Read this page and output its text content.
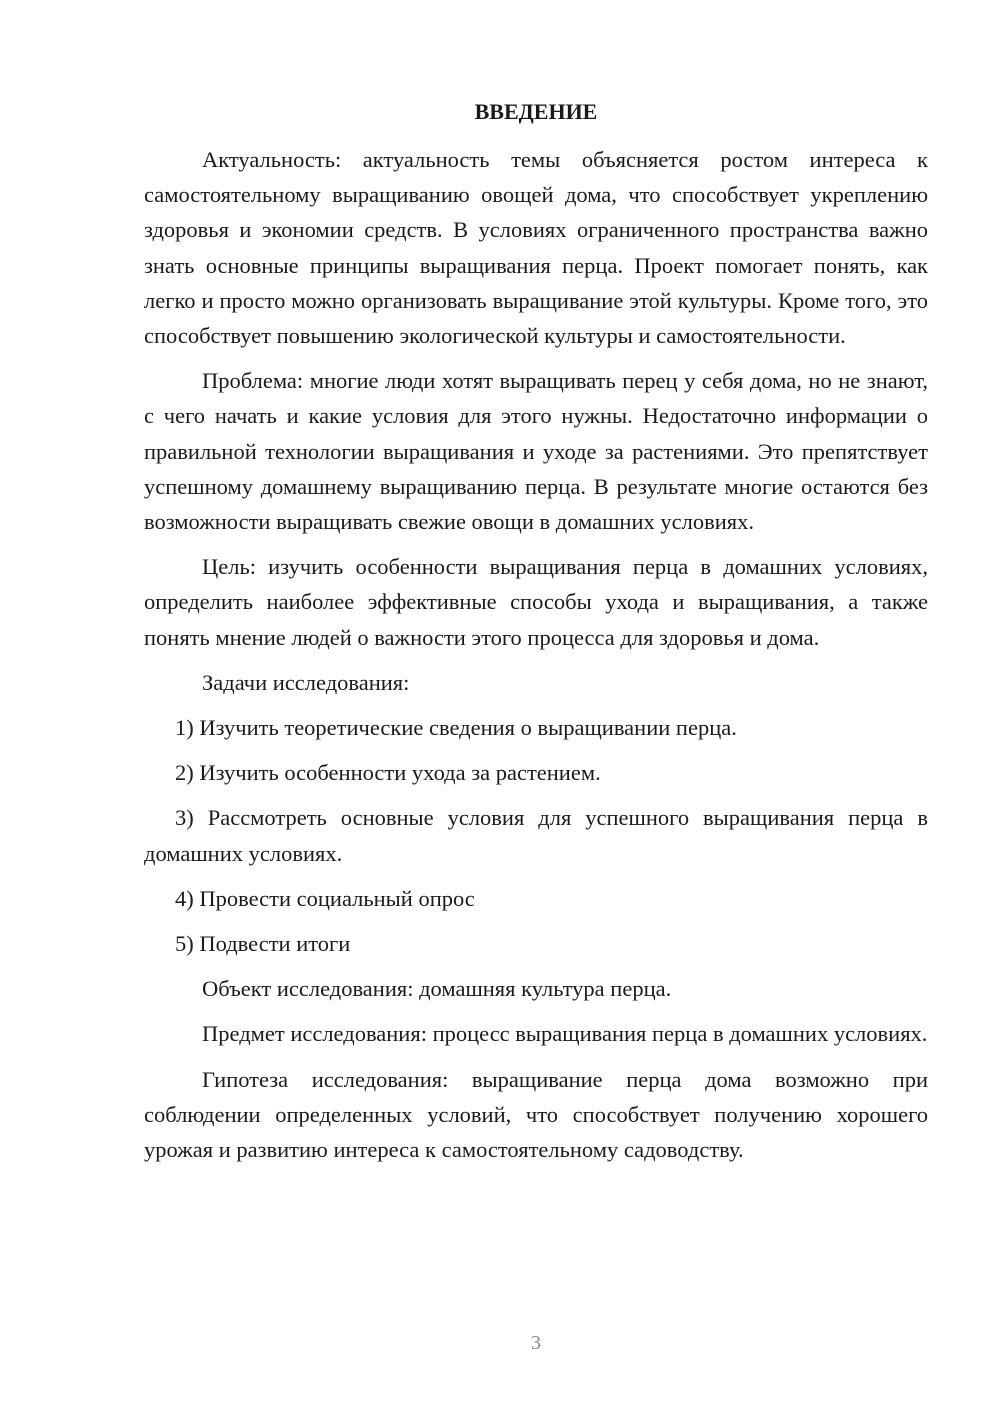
ВВЕДЕНИЕ

Актуальность: актуальность темы объясняется ростом интереса к самостоятельному выращиванию овощей дома, что способствует укреплению здоровья и экономии средств. В условиях ограниченного пространства важно знать основные принципы выращивания перца. Проект помогает понять, как легко и просто можно организовать выращивание этой культуры. Кроме того, это способствует повышению экологической культуры и самостоятельности.

Проблема: многие люди хотят выращивать перец у себя дома, но не знают, с чего начать и какие условия для этого нужны. Недостаточно информации о правильной технологии выращивания и уходе за растениями. Это препятствует успешному домашнему выращиванию перца. В результате многие остаются без возможности выращивать свежие овощи в домашних условиях.

Цель: изучить особенности выращивания перца в домашних условиях, определить наиболее эффективные способы ухода и выращивания, а также понять мнение людей о важности этого процесса для здоровья и дома.

Задачи исследования:

1) Изучить теоретические сведения о выращивании перца.

2) Изучить особенности ухода за растением.

3) Рассмотреть основные условия для успешного выращивания перца в домашних условиях.

4) Провести социальный опрос

5) Подвести итоги

Объект исследования: домашняя культура перца.

Предмет исследования: процесс выращивания перца в домашних условиях.

Гипотеза исследования: выращивание перца дома возможно при соблюдении определенных условий, что способствует получению хорошего урожая и развитию интереса к самостоятельному садоводству.

3
